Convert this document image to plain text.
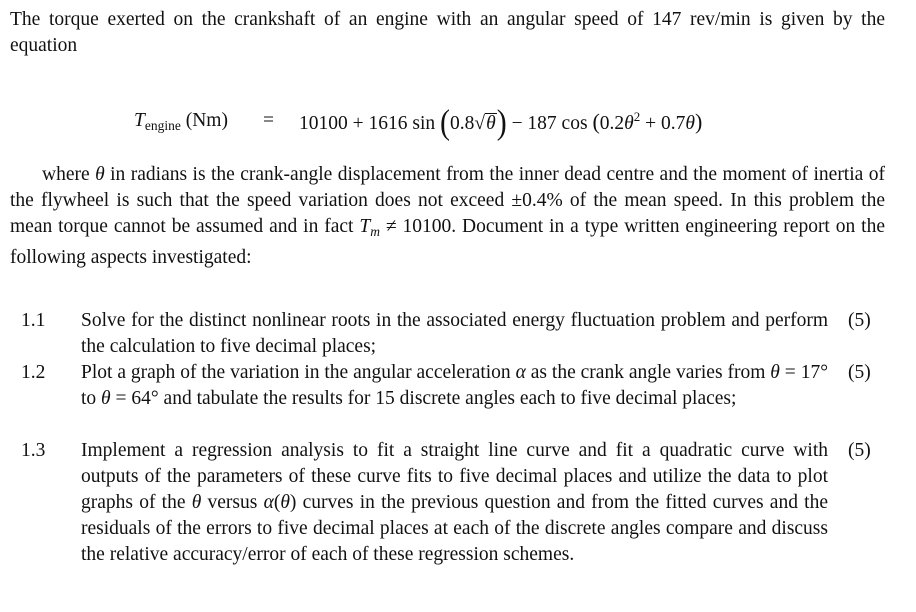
The torque exerted on the crankshaft of an engine with an angular speed of 147 rev/min is given by the equation

$T_{engine}$ (Nm) = 10100 + 1616 sin (0.8√θ) − 187 $\cos (0.2\theta^2 + 0.7\theta)$

where θ in radians is the crank-angle displacement from the inner dead centre and the moment of inertia of the flywheel is such that the speed variation does not exceed ±0.4% of the mean speed. In this problem the mean torque cannot be assumed and in fact $T_m \ne 10100$. Document in a type written engineering report on the following aspects investigated:

1.1 Solve for the distinct nonlinear roots in the associated energy fluctuation problem and perform the calculation to five decimal places;
(5)
1.2 Plot a graph of the variation in the angular acceleration α as the crank angle varies from θ = 17° to θ = 64° and tabulate the results for 15 discrete angles each to five decimal places;
(5)
1.3 Implement a regression analysis to fit a straight line curve and fit a quadratic curve with outputs of the parameters of these curve fits to five decimal places and utilize the data to plot graphs of the θ versus α(θ) curves in the previous question and from the fitted curves and the residuals of the errors to five decimal places at each of the discrete angles compare and discuss the relative accuracy/error of each of these regression schemes.
(5)
